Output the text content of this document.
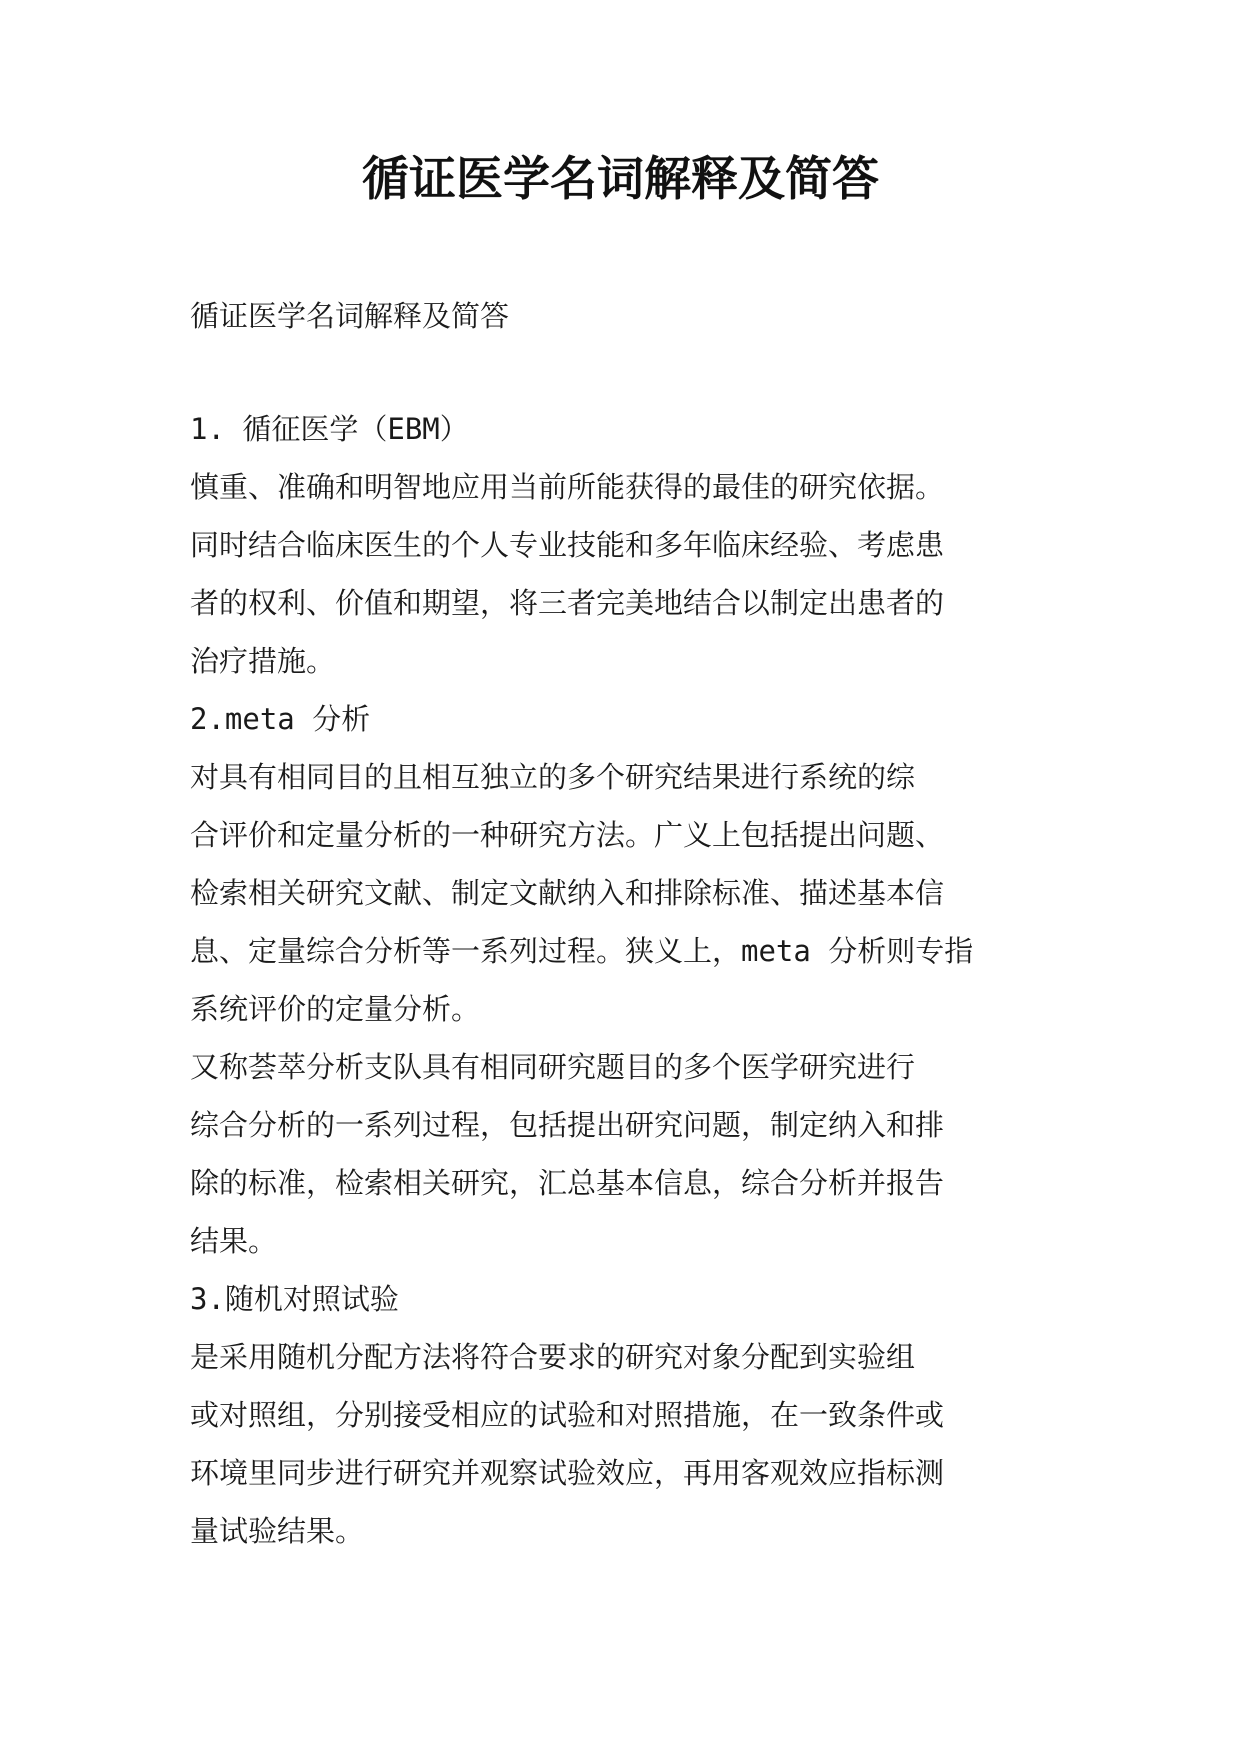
循证医学名词解释及简答

循证医学名词解释及简答

1. 循征医学（EBM）
慎重、准确和明智地应用当前所能获得的最佳的研究依据。
同时结合临床医生的个人专业技能和多年临床经验、考虑患
者的权利、价值和期望，将三者完美地结合以制定出患者的
治疗措施。
2.meta 分析
对具有相同目的且相互独立的多个研究结果进行系统的综
合评价和定量分析的一种研究方法。广义上包括提出问题、
检索相关研究文献、制定文献纳入和排除标准、描述基本信
息、定量综合分析等一系列过程。狭义上，meta 分析则专指
系统评价的定量分析。
又称荟萃分析支队具有相同研究题目的多个医学研究进行
综合分析的一系列过程，包括提出研究问题，制定纳入和排
除的标准，检索相关研究，汇总基本信息，综合分析并报告
结果。
3.随机对照试验
是采用随机分配方法将符合要求的研究对象分配到实验组
或对照组，分别接受相应的试验和对照措施，在一致条件或
环境里同步进行研究并观察试验效应，再用客观效应指标测
量试验结果。
